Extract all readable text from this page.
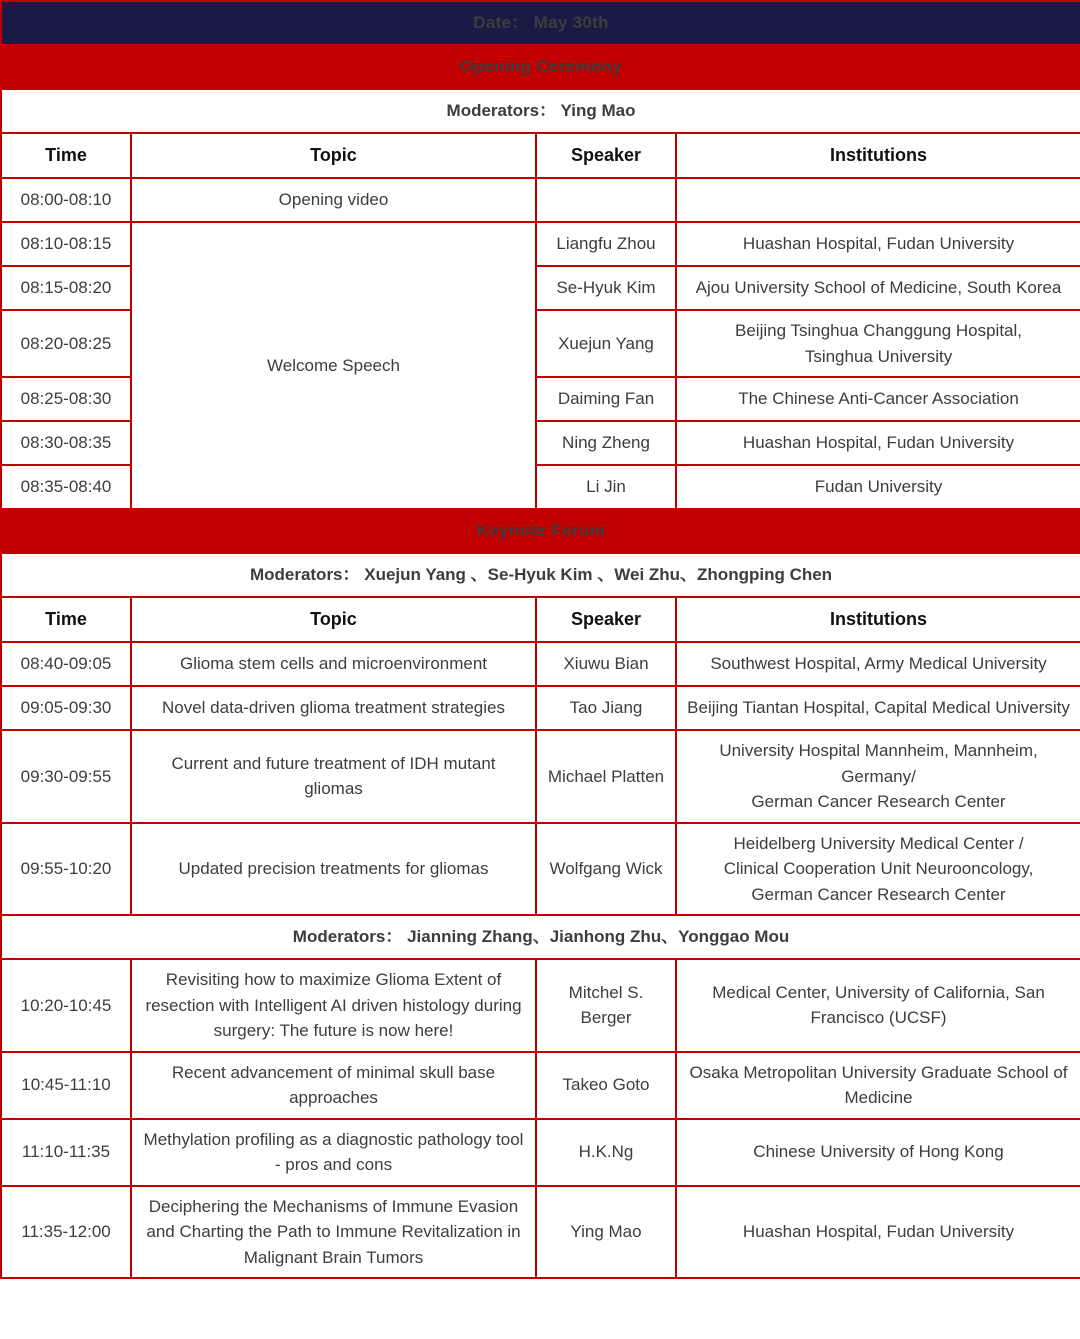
Date： May 30th			
Opening Ceremony			
Moderators： Ying Mao			
Time	Topic	Speaker	Institutions
08:00-08:10	Opening video		
08:10-08:15	Welcome Speech	Liangfu Zhou	Huashan Hospital, Fudan University
08:15-08:20		Se-Hyuk Kim	Ajou University School of Medicine, South Korea
08:20-08:25		Xuejun Yang	Beijing Tsinghua Changgung Hospital,
Tsinghua University
08:25-08:30		Daiming Fan	The Chinese Anti-Cancer Association
08:30-08:35		Ning Zheng	Huashan Hospital, Fudan University
08:35-08:40		Li Jin	Fudan University
Keynote Forum			
Moderators： Xuejun Yang 、Se-Hyuk Kim 、Wei Zhu、Zhongping Chen			
Time	Topic	Speaker	Institutions
08:40-09:05	Glioma stem cells and microenvironment	Xiuwu Bian	Southwest Hospital, Army Medical University
09:05-09:30	Novel data-driven glioma treatment strategies	Tao Jiang	Beijing Tiantan Hospital, Capital Medical University
09:30-09:55	Current and future treatment of IDH mutant gliomas	Michael Platten	University Hospital Mannheim, Mannheim, Germany/
German Cancer Research Center
09:55-10:20	Updated precision treatments for gliomas	Wolfgang Wick	Heidelberg University Medical Center /
Clinical Cooperation Unit Neurooncology,
German Cancer Research Center
Moderators： Jianning Zhang、Jianhong Zhu、Yonggao Mou			
10:20-10:45	Revisiting how to maximize Glioma Extent of resection with Intelligent AI driven histology during surgery: The future is now here!	Mitchel S. Berger	Medical Center, University of California, San Francisco (UCSF)
10:45-11:10	Recent advancement of minimal skull base approaches	Takeo Goto	Osaka Metropolitan University Graduate School of Medicine
11:10-11:35	Methylation profiling as a diagnostic pathology tool - pros and cons	H.K.Ng	Chinese University of Hong Kong
11:35-12:00	Deciphering the Mechanisms of Immune Evasion and Charting the Path to Immune Revitalization in Malignant Brain Tumors	Ying Mao	Huashan Hospital, Fudan University
